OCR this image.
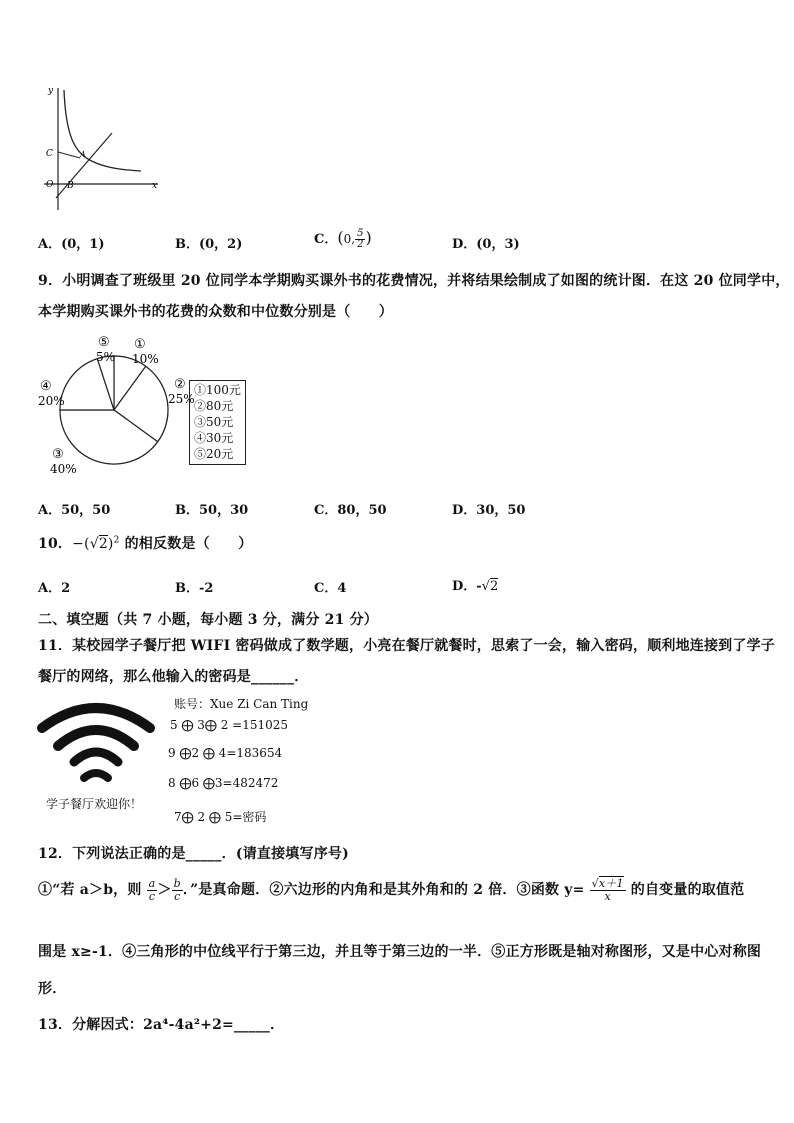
y
x
O B
C	A
A．(0，1)	B．(0，2)	C．(0, $\frac{5}{2}$ )	D．(0，3)
9．小明调查了班级里 20 位同学本学期购买课外书的花费情况，并将结果绘制成了如图的统计图．在这 20 位同学中，
本学期购买课外书的花费的众数和中位数分别是（　　）
①
10%
②
25%
③
40%
④
20%
⑤
5%
①100元
②80元
③50元
④30元
⑤20元
A．50，50	B．50，30	C．80，50	D．30，50
10．$-(√2)^2$ 的相反数是（　　）
A．2	B．-2	C．4	D．-√2
二、填空题（共 7 小题，每小题 3 分，满分 21 分）
11．某校园学子餐厅把 WIFI 密码做成了数学题，小亮在餐厅就餐时，思索了一会，输入密码，顺利地连接到了学子
餐厅的网络，那么他输入的密码是______．
学子餐厅欢迎你！
账号：Xue Zi Can Ting
5 ⨁ 3⨁ 2 =151025
9 ⨁2 ⨁ 4=183654
8 ⨁6 ⨁3=482472
7⨁ 2 ⨁ 5=密码
12．下列说法正确的是_____．(请直接填写序号)
①“若 a＞b，则 $\frac{a}{c} > \frac{b}{c}$ ．”是真命题．②六边形的内角和是其外角和的 2 倍．③函数 $y= \frac{√x+1}{x}$ 的自变量的取值范
围是 x≥-1．④三角形的中位线平行于第三边，并且等于第三边的一半．⑤正方形既是轴对称图形，又是中心对称图
形．
13．分解因式：2a⁴-4a²+2=_____．
